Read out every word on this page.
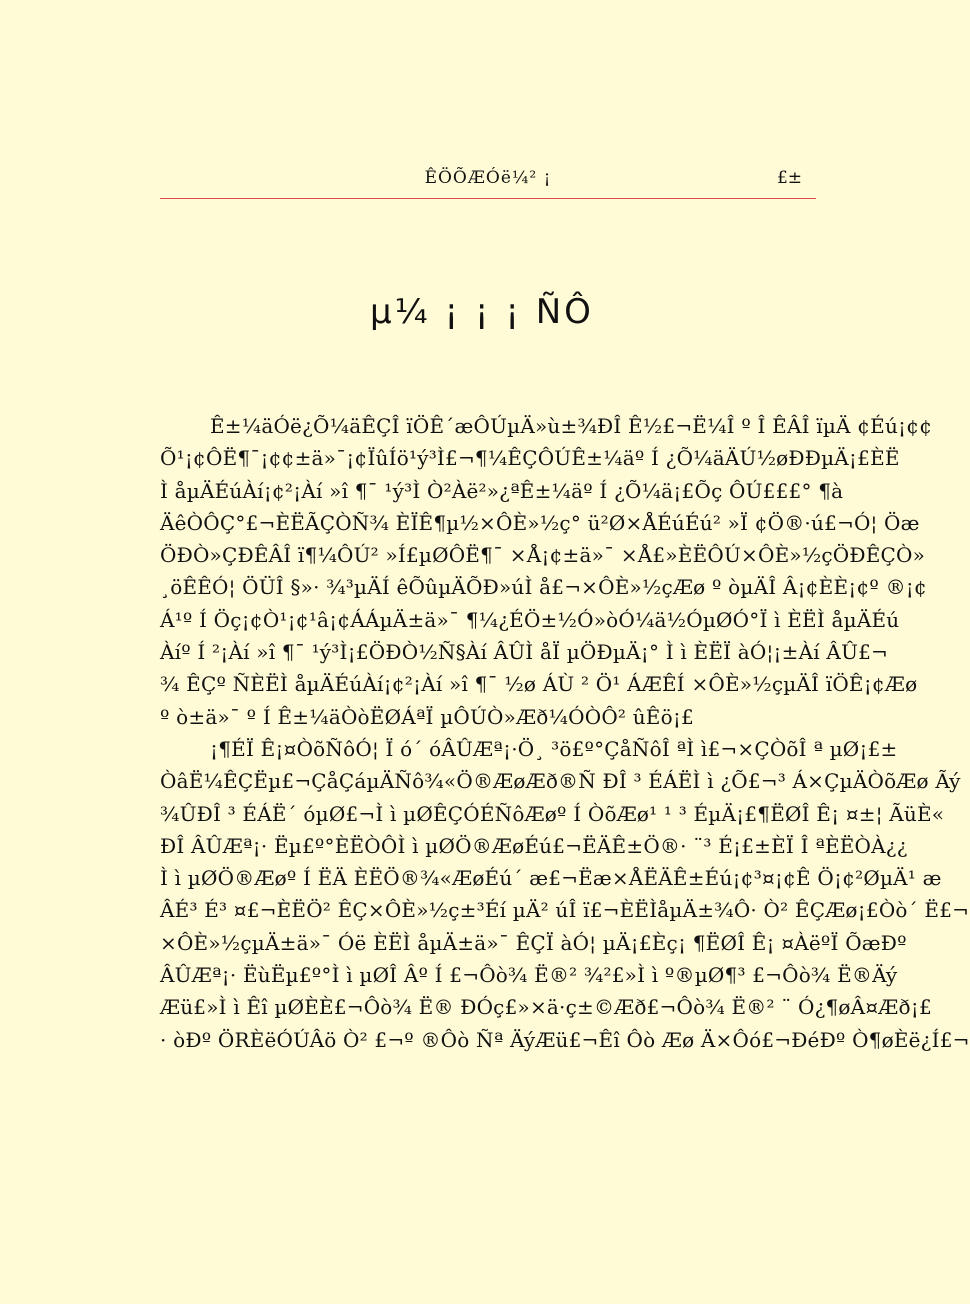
ÊÖÕÆÓë¼² ¡	£±
µ¼ ¡ ¡ ¡ ÑÔ
Ê±¼äÓë¿Õ¼äÊÇÎ ïÖÊ´æÔÚµÄ»ù±¾ÐÎ Ê½£¬Ë¼Î º Î ÊÂÎ ïµÄ ¢Éú¡¢¢
Õ¹¡¢ÔË¶¯¡¢¢±ä»¯¡¢ÏûÍö¹ý³Ì£¬¶¼ÊÇÔÚÊ±¼äº Í ¿Õ¼äÄÚ½øÐÐµÄ¡£ÈË
Ì åµÄÉúÀí¡¢²¡Àí »î ¶¯ ¹ý³Ì Ò²Àë²»¿ªÊ±¼äº Í ¿Õ¼ä¡£Õç ÔÚ£££° ¶à
ÄêÒÔÇ°£¬ÈËÃÇÒÑ¾ ÈÏÊ¶µ½×ÔÈ»½ç° ü²Ø×ÅÉúÉú² »Ï ¢Ö®·ú£¬Ó¦ Öæ
ÖÐÒ»ÇÐÊÂÎ ï¶¼ÔÚ² »Í£µØÔË¶¯ ×Å¡¢±ä»¯ ×Å£»ÈËÔÚ×ÔÈ»½çÖÐÊÇÒ»
¸öÊÊÓ¦ ÖÜÎ §»· ¾³µÄÍ êÕûµÄÕÐ»úÌ å£¬×ÔÈ»½çÆø º òµÄÎ Â¡¢ÈÈ¡¢º ®¡¢
Á¹º Í Öç¡¢Ò¹¡¢¹â¡¢ÁÁµÄ±ä»¯ ¶¼¿ÉÖ±½Ó»òÓ¼ä½ÓµØÓ°Ï ì ÈËÌ åµÄÉú
Àíº Í ²¡Àí »î ¶¯ ¹ý³Ì¡£ÖÐÒ½Ñ§Àí ÂÛÌ åÏ µÖÐµÄ¡° Ì ì ÈËÏ àÓ¦¡±Àí ÂÛ£¬
¾ ÊÇº ÑÈËÌ åµÄÉúÀí¡¢²¡Àí »î ¶¯ ½ø ÁÙ ² Ö¹ ÁÆÊÍ ×ÔÈ»½çµÄÎ ïÖÊ¡¢Æø
º ò±ä»¯ º Í Ê±¼äÒòËØÁªÏ µÔÚÒ»Æð¼ÓÒÔ² ûÊö¡£
¡¶ÉÏ Ê¡¤ÒõÑôÓ¦ Ï ó´ óÂÛÆª¡·Ö¸ ³ö£º°ÇåÑôÎ ªÌ ì£¬×ÇÒõÎ ª µØ¡£±
ÒâË¼ÊÇËµ£¬ÇåÇáµÄÑô¾«Ö®ÆøÆð®Ñ ÐÎ ³ ÉÁËÌ ì ¿Õ£¬³ Á×ÇµÄÒõÆø Ãý
¾ÛÐÎ ³ ÉÁË´ óµØ£¬Ì ì µØÊÇÓÉÑôÆøº Í ÒõÆø¹ ¹ ³ ÉµÄ¡£¶ËØÎ Ê¡ ¤±¦ ÃüÈ«
ÐÎ ÂÛÆª¡· Ëµ£º°ÈËÒÔÌ ì µØÖ®ÆøÉú£¬ËÄÊ±Ö®· ¨³ É¡£±ÈÏ Î ªÈËÒÀ¿¿
Ì ì µØÖ®Æøº Í ËÄ ÈËÖ®¾«ÆøÉú´ æ£¬Ëæ×ÅËÄÊ±Éú¡¢³¤¡¢Ê Ö¡¢²ØµÄ¹ æ
ÂÉ³ É³ ¤£¬ÈËÖ² ÊÇ×ÔÈ»½ç±³Éí µÄ² úÎ ï£¬ÈËÌåµÄ±¾Ô· Ò² ÊÇÆø¡£Òò´ Ë£¬
×ÔÈ»½çµÄ±ä»¯ Óë ÈËÌ åµÄ±ä»¯ ÊÇÏ àÓ¦ µÄ¡£Èç¡ ¶ËØÎ Ê¡ ¤ÀëºÏ ÕæÐº
ÂÛÆª¡· ËùËµ£º°Ì ì µØÎ Âº Í £¬Ôò¾ Ë®² ¾²£»Ì ì º®µØ¶³ £¬Ôò¾ Ë®Äý
Æü£»Ì ì Êî µØÈÈ£¬Ôò¾ Ë® ÐÓç£»×ä·ç±©Æð£¬Ôò¾ Ë®² ¨ Ó¿¶øÂ¤Æð¡£
· òÐº ÖRÈëÓÚÂö Ò² £¬º ®Ôò Ñª ÄýÆü£¬Êî Ôò Æø Ä×Ôó£¬ÐéÐº Ò¶øÈë¿Í£¬
